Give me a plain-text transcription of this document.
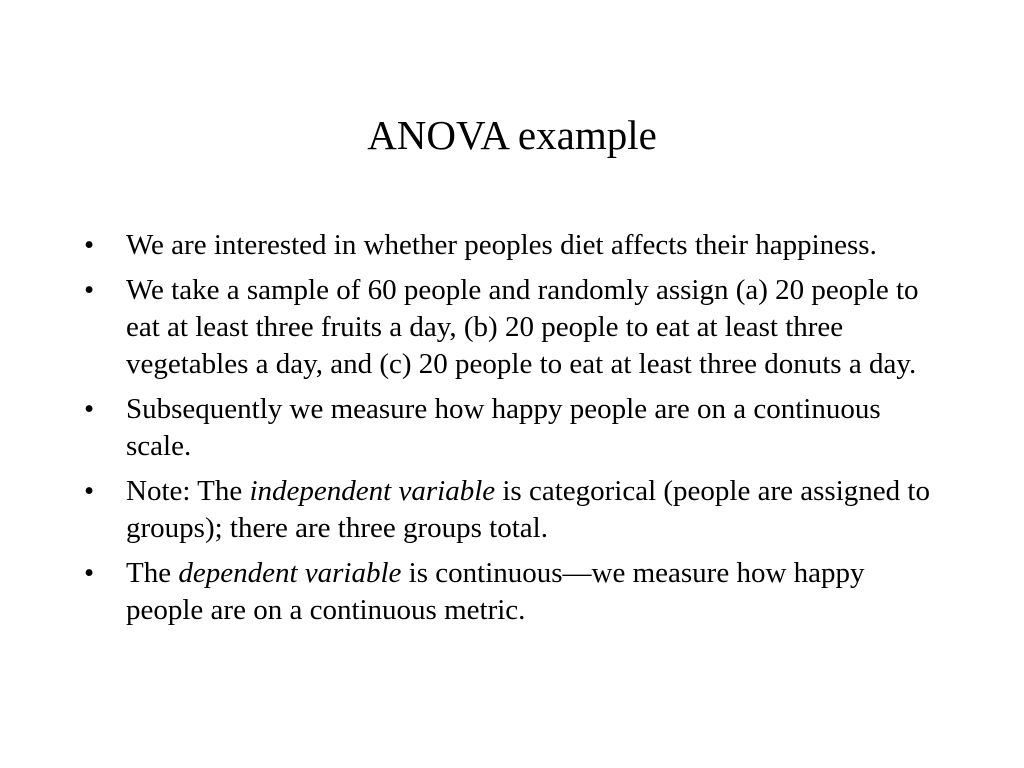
ANOVA example
•	We are interested in whether peoples diet affects their happiness.
•	We take a sample of 60 people and randomly assign (a) 20 people to eat at least three fruits a day, (b) 20 people to eat at least three vegetables a day, and (c) 20 people to eat at least three donuts a day.
•	Subsequently we measure how happy people are on a continuous scale.
•	Note: The independent variable is categorical (people are assigned to groups); there are three groups total.
•	The dependent variable is continuous—we measure how happy people are on a continuous metric.
